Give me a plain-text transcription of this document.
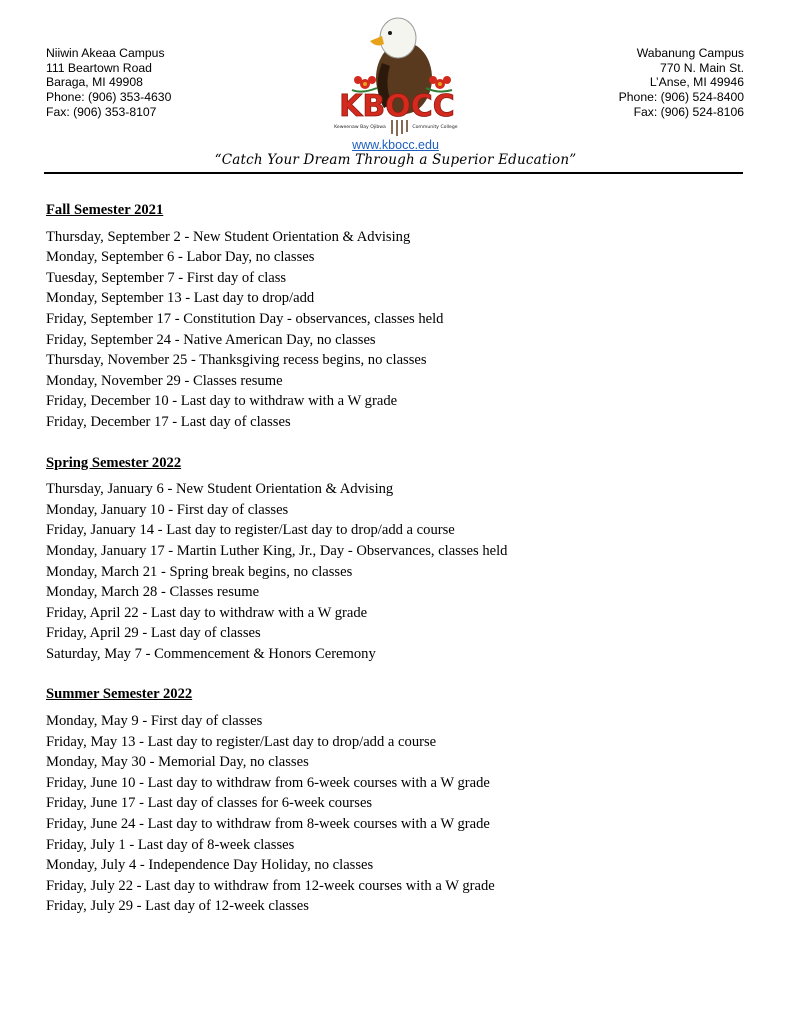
Niiwin Akeaa Campus
111 Beartown Road
Baraga, MI 49908
Phone: (906) 353-4630
Fax: (906) 353-8107
Wabanung Campus
770 N. Main St.
L’Anse, MI 49946
Phone: (906) 524-8400
Fax: (906) 524-8106
KBOCC
Keweenaw Bay Ojibwa	Community College
www.kbocc.edu
“Catch Your Dream Through a Superior Education”
Fall Semester 2021
Thursday, September 2 - New Student Orientation & Advising
Monday, September 6 - Labor Day, no classes
Tuesday, September 7 - First day of class
Monday, September 13 - Last day to drop/add
Friday, September 17 - Constitution Day - observances, classes held
Friday, September 24 - Native American Day, no classes
Thursday, November 25 - Thanksgiving recess begins, no classes
Monday, November 29 - Classes resume
Friday, December 10 - Last day to withdraw with a W grade
Friday, December 17 - Last day of classes
Spring Semester 2022
Thursday, January 6 - New Student Orientation & Advising
Monday, January 10 - First day of classes
Friday, January 14 - Last day to register/Last day to drop/add a course
Monday, January 17 - Martin Luther King, Jr., Day - Observances, classes held
Monday, March 21 - Spring break begins, no classes
Monday, March 28 - Classes resume
Friday, April 22 - Last day to withdraw with a W grade
Friday, April 29 - Last day of classes
Saturday, May 7 - Commencement & Honors Ceremony
Summer Semester 2022
Monday, May 9 - First day of classes
Friday, May 13 - Last day to register/Last day to drop/add a course
Monday, May 30 - Memorial Day, no classes
Friday, June 10 - Last day to withdraw from 6-week courses with a W grade
Friday, June 17 - Last day of classes for 6-week courses
Friday, June 24 - Last day to withdraw from 8-week courses with a W grade
Friday, July 1 - Last day of 8-week classes
Monday, July 4 - Independence Day Holiday, no classes
Friday, July 22 - Last day to withdraw from 12-week courses with a W grade
Friday, July 29 - Last day of 12-week classes
